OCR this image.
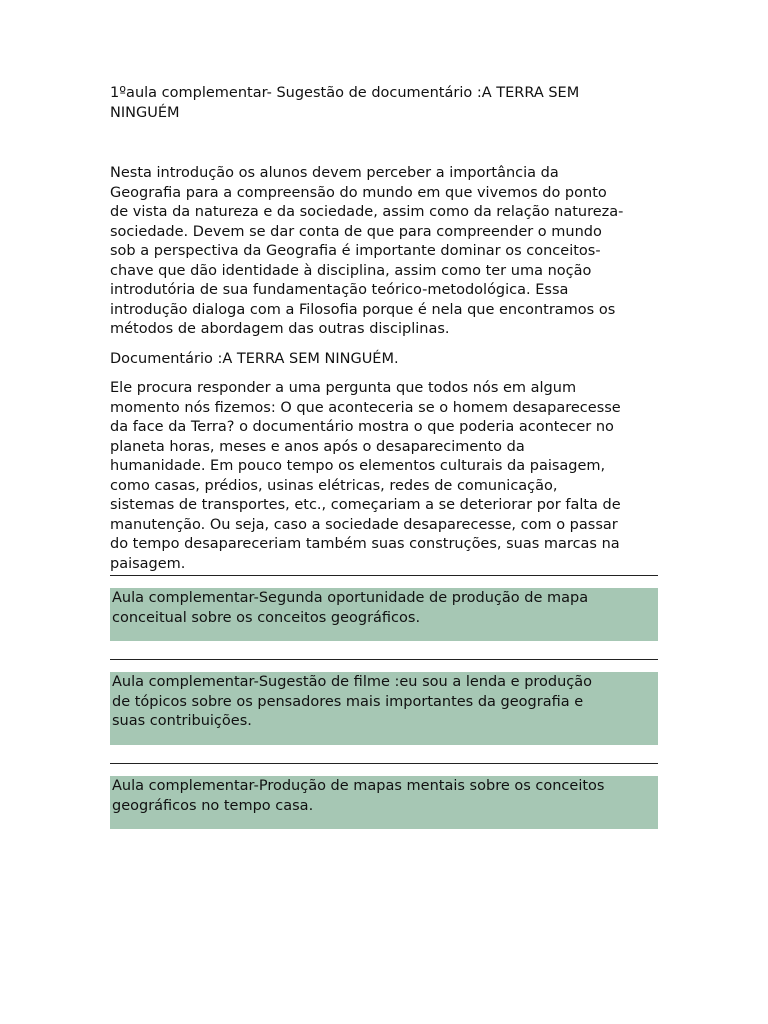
1ºaula complementar- Sugestão de documentário :A TERRA SEM
NINGUÉM

Nesta introdução os alunos devem perceber a importância da
Geografia para a compreensão do mundo em que vivemos do ponto
de vista da natureza e da sociedade, assim como da relação natureza-
sociedade. Devem se dar conta de que para compreender o mundo
sob a perspectiva da Geografia é importante dominar os conceitos-
chave que dão identidade à disciplina, assim como ter uma noção
introdutória de sua fundamentação teórico-metodológica. Essa
introdução dialoga com a Filosofia porque é nela que encontramos os
métodos de abordagem das outras disciplinas.

Documentário :A TERRA SEM NINGUÉM.

Ele procura responder a uma pergunta que todos nós em algum
momento nós fizemos: O que aconteceria se o homem desaparecesse
da face da Terra? o documentário mostra o que poderia acontecer no
planeta horas, meses e anos após o desaparecimento da
humanidade. Em pouco tempo os elementos culturais da paisagem,
como casas, prédios, usinas elétricas, redes de comunicação,
sistemas de transportes, etc., começariam a se deteriorar por falta de
manutenção. Ou seja, caso a sociedade desaparecesse, com o passar
do tempo desapareceriam também suas construções, suas marcas na
paisagem.

Aula complementar-Segunda oportunidade de produção de mapa
conceitual sobre os conceitos geográficos.
Aula complementar-Sugestão de filme :eu sou a lenda e produção
de tópicos sobre os pensadores mais importantes da geografia e
suas contribuições.
Aula complementar-Produção de mapas mentais sobre os conceitos
geográficos no tempo casa.
